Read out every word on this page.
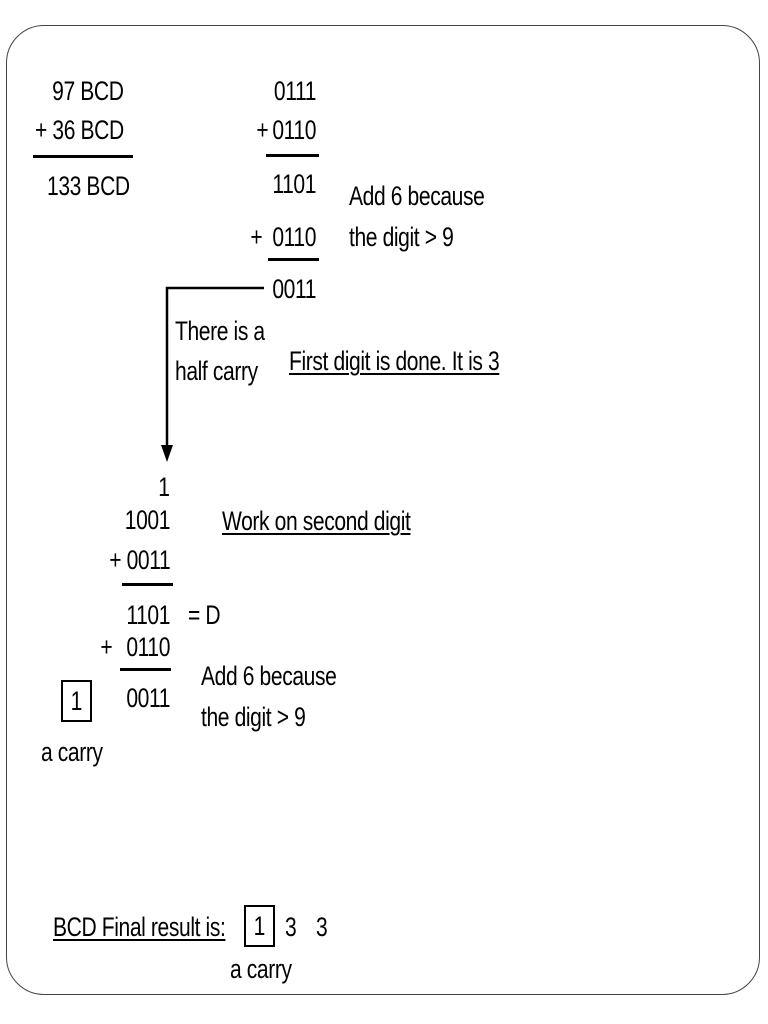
97 BCD
+ 36 BCD
133 BCD
0111
+ 0110
1101
+ 0110
0011
Add 6 because
the digit > 9
There is a
half carry First digit is done. It is 3
1
1001
+ 0011
Work on second digit
1101 = D
+ 0110
0011
1
a carry
Add 6 because
the digit > 9
BCD Final result is: 1 3 3
a carry
